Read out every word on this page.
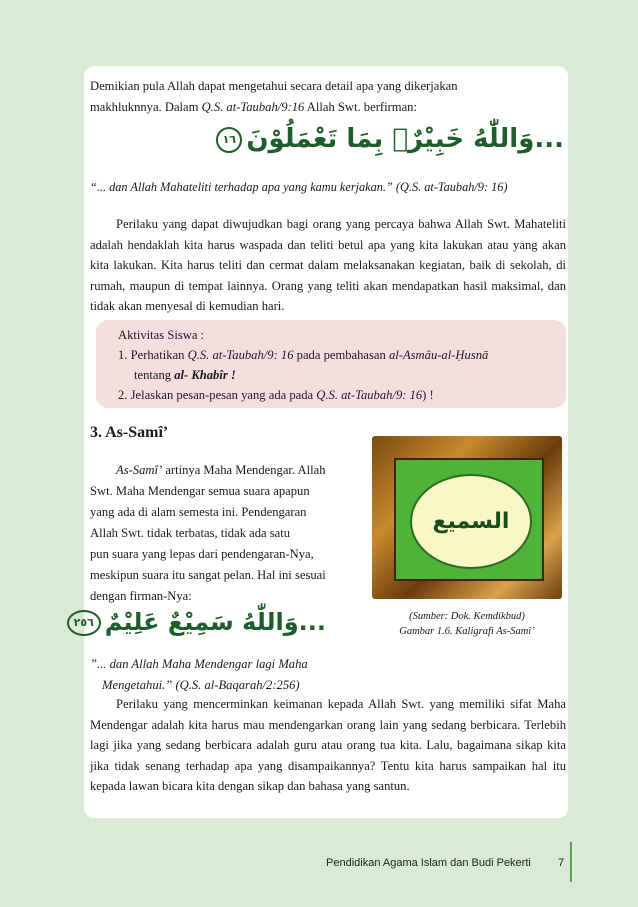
Demikian pula Allah dapat mengetahui secara detail apa yang dikerjakan
makhluknnya. Dalam Q.S. at-Taubah/9:16 Allah Swt. berfirman:
...وَاللّٰهُ خَبِيْرٌۢ بِمَا تَعْمَلُوْنَ١٦
“... dan Allah Mahateliti terhadap apa yang kamu kerjakan.” (Q.S. at-Taubah/9: 16)
Perilaku yang dapat diwujudkan bagi orang yang percaya bahwa Allah Swt. Mahateliti adalah hendaklah kita harus waspada dan teliti betul apa yang kita lakukan atau yang akan kita lakukan. Kita harus teliti dan cermat dalam melaksanakan kegiatan, baik di sekolah, di rumah, maupun di tempat lainnya. Orang yang teliti akan mendapatkan hasil maksimal, dan tidak akan menyesal di kemudian hari.
Aktivitas Siswa :
1. Perhatikan Q.S. at-Taubah/9: 16 pada pembahasan al-Asmâu-al-Ḥusnā
tentang al- Khabîr !
2. Jelaskan pesan-pesan yang ada pada Q.S. at-Taubah/9: 16) !
3. As-Samî’
As-Samî’ artinya Maha Mendengar. Allah
Swt. Maha Mendengar semua suara apapun
yang ada di alam semesta ini. Pendengaran
Allah Swt. tidak terbatas, tidak ada satu
pun suara yang lepas dari pendengaran-Nya,
meskipun suara itu sangat pelan. Hal ini sesuai
dengan firman-Nya:
السميع
(Sumber: Dok. Kemdikbud)
Gambar 1.6. Kaligrafi As-Samî’
...وَاللّٰهُ سَمِيْعٌ عَلِيْمٌ٢٥٦
”... dan Allah Maha Mendengar lagi Maha
Mengetahui.” (Q.S. al-Baqarah/2:256)
Perilaku yang mencerminkan keimanan kepada Allah Swt. yang memiliki sifat Maha Mendengar adalah kita harus mau mendengarkan orang lain yang sedang berbicara. Terlebih lagi jika yang sedang berbicara adalah guru atau orang tua kita. Lalu, bagaimana sikap kita jika tidak senang terhadap apa yang disampaikannya? Tentu kita harus sampaikan hal itu kepada lawan bicara kita dengan sikap dan bahasa yang santun.
Pendidikan Agama Islam dan Budi Pekerti 7
